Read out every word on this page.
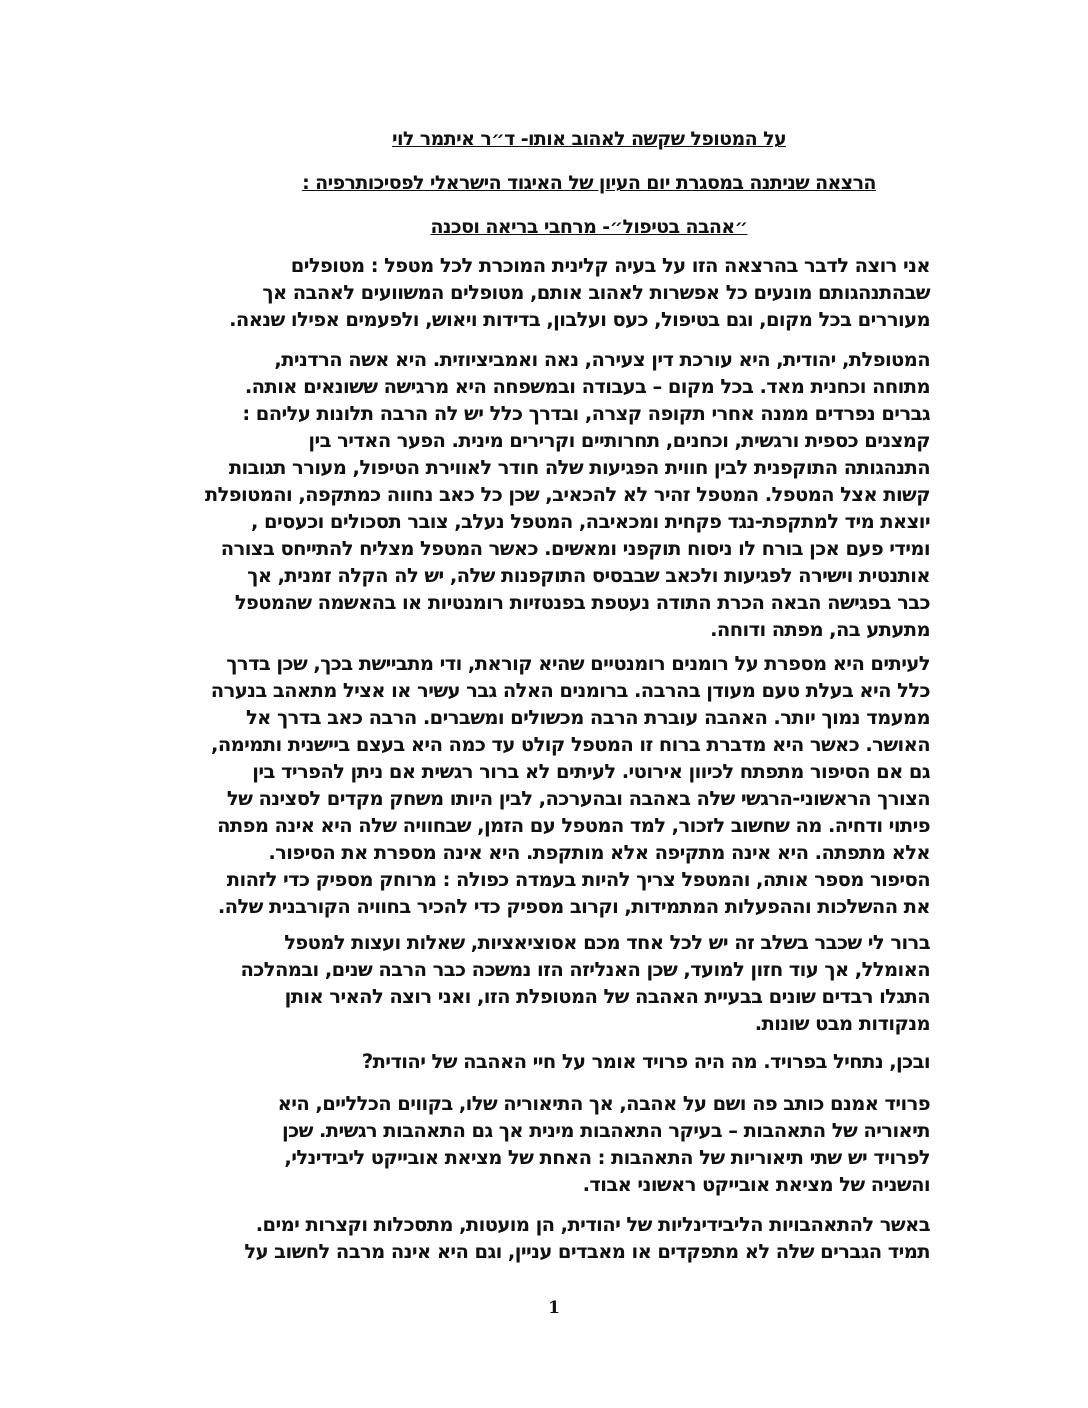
על המטופל שקשה לאהוב אותו- ד״ר איתמר לוי
הרצאה שניתנה במסגרת יום העיון של האיגוד הישראלי לפסיכותרפיה :
״אהבה בטיפול״- מרחבי בריאה וסכנה
אני רוצה לדבר בהרצאה הזו על בעיה קלינית המוכרת לכל מטפל : מטופלים
שבהתנהגותם מונעים כל אפשרות לאהוב אותם, מטופלים המשוועים לאהבה אך
מעוררים בכל מקום, וגם בטיפול, כעס ועלבון, בדידות ויאוש, ולפעמים אפילו שנאה.
המטופלת, יהודית, היא עורכת דין צעירה, נאה ואמביציוזית. היא אשה הרדנית,
מתוחה וכחנית מאד. בכל מקום – בעבודה ובמשפחה היא מרגישה ששונאים אותה.
גברים נפרדים ממנה אחרי תקופה קצרה, ובדרך כלל יש לה הרבה תלונות עליהם :
קמצנים כספית ורגשית, וכחנים, תחרותיים וקרירים מינית. הפער האדיר בין
התנהגותה התוקפנית לבין חווית הפגיעות שלה חודר לאווירת הטיפול, מעורר תגובות
קשות אצל המטפל. המטפל זהיר לא להכאיב, שכן כל כאב נחווה כמתקפה, והמטופלת
יוצאת מיד למתקפת-נגד פקחית ומכאיבה, המטפל נעלב, צובר תסכולים וכעסים ,
ומידי פעם אכן בורח לו ניסוח תוקפני ומאשים. כאשר המטפל מצליח להתייחס בצורה
אותנטית וישירה לפגיעות ולכאב שבבסיס התוקפנות שלה, יש לה הקלה זמנית, אך
כבר בפגישה הבאה הכרת התודה נעטפת בפנטזיות רומנטיות או בהאשמה שהמטפל
מתעתע בה, מפתה ודוחה.
לעיתים היא מספרת על רומנים רומנטיים שהיא קוראת, ודי מתביישת בכך, שכן בדרך
כלל היא בעלת טעם מעודן בהרבה. ברומנים האלה גבר עשיר או אציל מתאהב בנערה
ממעמד נמוך יותר. האהבה עוברת הרבה מכשולים ומשברים. הרבה כאב בדרך אל
האושר. כאשר היא מדברת ברוח זו המטפל קולט עד כמה היא בעצם ביישנית ותמימה,
גם אם הסיפור מתפתח לכיוון אירוטי. לעיתים לא ברור רגשית אם ניתן להפריד בין
הצורך הראשוני-הרגשי שלה באהבה ובהערכה, לבין היותו משחק מקדים לסצינה של
פיתוי ודחיה. מה שחשוב לזכור, למד המטפל עם הזמן, שבחוויה שלה היא אינה מפתה
אלא מתפתה. היא אינה מתקיפה אלא מותקפת. היא אינה מספרת את הסיפור.
הסיפור מספר אותה, והמטפל צריך להיות בעמדה כפולה : מרוחק מספיק כדי לזהות
את ההשלכות וההפעלות המתמידות, וקרוב מספיק כדי להכיר בחוויה הקורבנית שלה.
ברור לי שכבר בשלב זה יש לכל אחד מכם אסוציאציות, שאלות ועצות למטפל
האומלל, אך עוד חזון למועד, שכן האנליזה הזו נמשכה כבר הרבה שנים, ובמהלכה
התגלו רבדים שונים בבעיית האהבה של המטופלת הזו, ואני רוצה להאיר אותן
מנקודות מבט שונות.
ובכן, נתחיל בפרויד. מה היה פרויד אומר על חיי האהבה של יהודית?
פרויד אמנם כותב פה ושם על אהבה, אך התיאוריה שלו, בקווים הכלליים, היא
תיאוריה של התאהבות – בעיקר התאהבות מינית אך גם התאהבות רגשית. שכן
לפרויד יש שתי תיאוריות של התאהבות : האחת של מציאת אובייקט ליבידינלי,
והשניה של מציאת אובייקט ראשוני אבוד.
באשר להתאהבויות הליבידינליות של יהודית, הן מועטות, מתסכלות וקצרות ימים.
תמיד הגברים שלה לא מתפקדים או מאבדים עניין, וגם היא אינה מרבה לחשוב על
1
